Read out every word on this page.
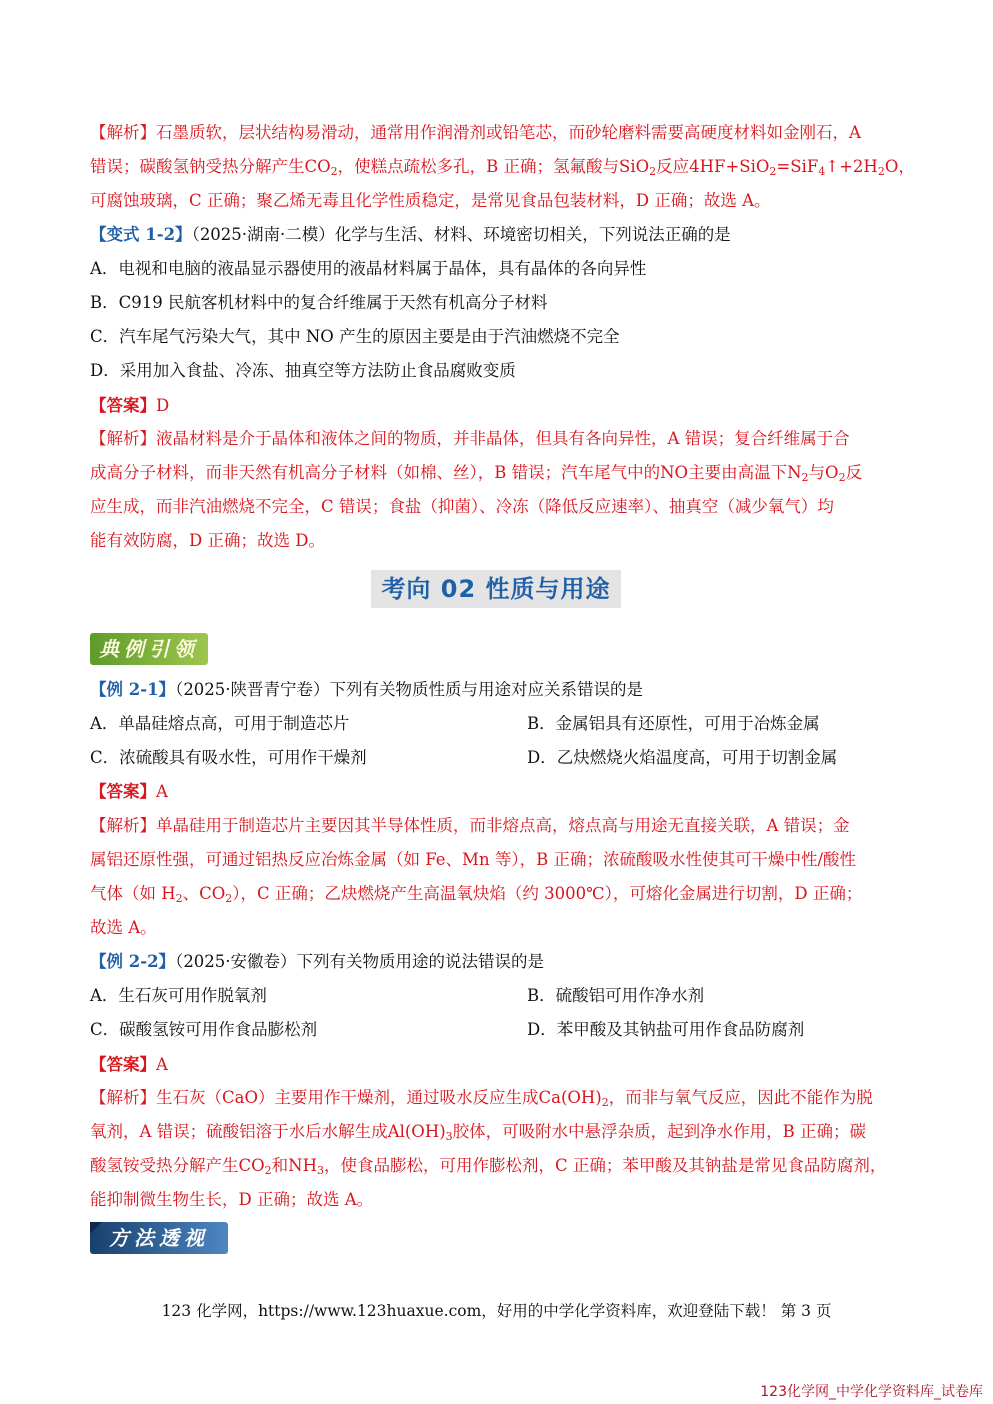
【解析】石墨质软，层状结构易滑动，通常用作润滑剂或铅笔芯，而砂轮磨料需要高硬度材料如金刚石，A
错误；碳酸氢钠受热分解产生$CO_2$，使糕点疏松多孔，B 正确；氢氟酸与SiO$_2$反应$4HF+SiO_2=SiF_4↑+2H_2O$，
可腐蚀玻璃，C 正确；聚乙烯无毒且化学性质稳定，是常见食品包装材料，D 正确；故选 A。
【变式 1-2】（2025·湖南·二模）化学与生活、材料、环境密切相关，下列说法正确的是
A．电视和电脑的液晶显示器使用的液晶材料属于晶体，具有晶体的各向异性
B．C919 民航客机材料中的复合纤维属于天然有机高分子材料
C．汽车尾气污染大气，其中 NO 产生的原因主要是由于汽油燃烧不完全
D．采用加入食盐、冷冻、抽真空等方法防止食品腐败变质
【答案】D
【解析】液晶材料是介于晶体和液体之间的物质，并非晶体，但具有各向异性，A 错误；复合纤维属于合
成高分子材料，而非天然有机高分子材料（如棉、丝），B 错误；汽车尾气中的NO主要由高温下$N_2$与$O_2$反
应生成，而非汽油燃烧不完全，C 错误；食盐（抑菌）、冷冻（降低反应速率）、抽真空（减少氧气）均
能有效防腐，D 正确；故选 D。
考向 02 性质与用途
典例引领
【例 2-1】（2025·陕晋青宁卷）下列有关物质性质与用途对应关系错误的是
A．单晶硅熔点高，可用于制造芯片	B．金属铝具有还原性，可用于冶炼金属
C．浓硫酸具有吸水性，可用作干燥剂	D．乙炔燃烧火焰温度高，可用于切割金属
【答案】A
【解析】单晶硅用于制造芯片主要因其半导体性质，而非熔点高，熔点高与用途无直接关联，A 错误；金
属铝还原性强，可通过铝热反应冶炼金属（如 Fe、Mn 等），B 正确；浓硫酸吸水性使其可干燥中性/酸性
气体（如 $H_2$、$CO_2$），C 正确；乙炔燃烧产生高温氧炔焰（约 3000℃），可熔化金属进行切割，D 正确；
故选 A。
【例 2-2】（2025·安徽卷）下列有关物质用途的说法错误的是
A．生石灰可用作脱氧剂	B．硫酸铝可用作净水剂
C．碳酸氢铵可用作食品膨松剂	D．苯甲酸及其钠盐可用作食品防腐剂
【答案】A
【解析】生石灰（CaO）主要用作干燥剂，通过吸水反应生成$Ca(OH)_2$，而非与氧气反应，因此不能作为脱
氧剂，A 错误；硫酸铝溶于水后水解生成$Al(OH)_3$胶体，可吸附水中悬浮杂质，起到净水作用，B 正确；碳
酸氢铵受热分解产生$CO_2$和$NH_3$，使食品膨松，可用作膨松剂，C 正确；苯甲酸及其钠盐是常见食品防腐剂，
能抑制微生物生长，D 正确；故选 A。
方法透视
123 化学网，https://www.123huaxue.com，好用的中学化学资料库，欢迎登陆下载！ 第 3 页
123化学网_中学化学资料库_试卷库
